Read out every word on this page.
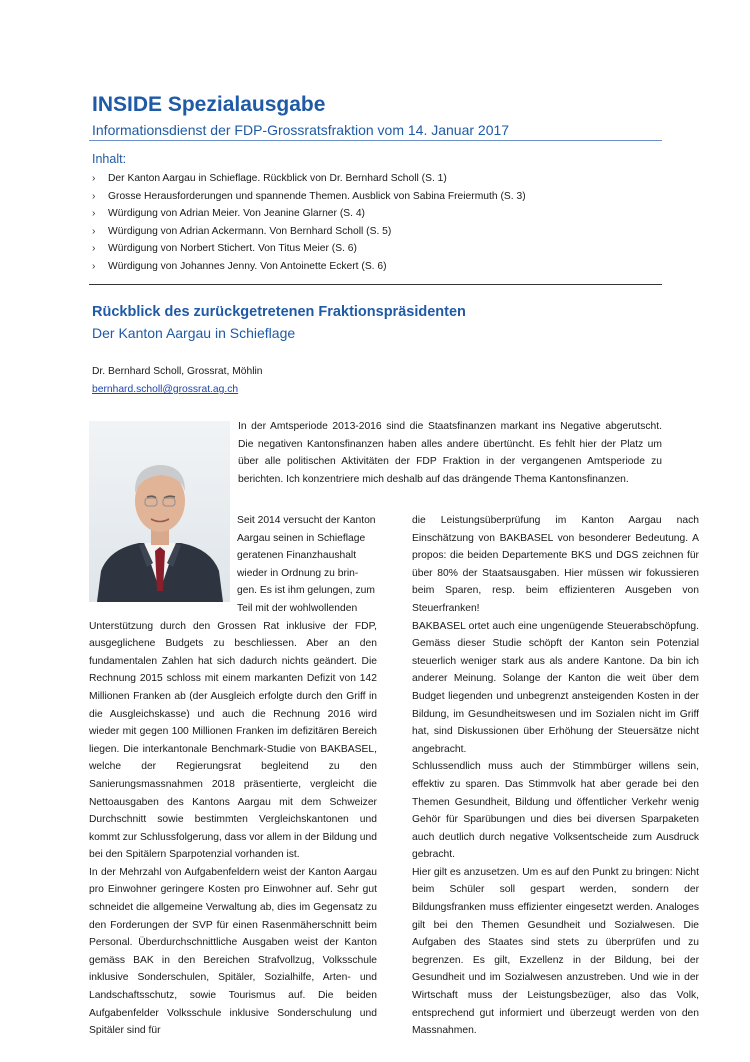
INSIDE Spezialausgabe
Informationsdienst der FDP-Grossratsfraktion vom 14. Januar 2017
Inhalt:
› Der Kanton Aargau in Schieflage. Rückblick von Dr. Bernhard Scholl (S. 1)
› Grosse Herausforderungen und spannende Themen. Ausblick von Sabina Freiermuth (S. 3)
› Würdigung von Adrian Meier. Von Jeanine Glarner (S. 4)
› Würdigung von Adrian Ackermann. Von Bernhard Scholl (S. 5)
› Würdigung von Norbert Stichert. Von Titus Meier (S. 6)
› Würdigung von Johannes Jenny. Von Antoinette Eckert (S. 6)
Rückblick des zurückgetretenen Fraktionspräsidenten
Der Kanton Aargau in Schieflage
Dr. Bernhard Scholl, Grossrat, Möhlin
bernhard.scholl@grossrat.ag.ch

In der Amtsperiode 2013-2016 sind die Staatsfinanzen markant ins Negative abgerutscht. Die negativen Kantonsfinanzen haben alles andere übertüncht. Es fehlt hier der Platz um über alle politischen Aktivitäten der FDP Fraktion in der vergangenen Amtsperiode zu berichten. Ich konzentriere mich deshalb auf das drängende Thema Kantonsfinanzen.

Seit 2014 versucht der Kanton
Aargau seinen in Schieflage
geratenen Finanzhaushalt
wieder in Ordnung zu brin-
gen. Es ist ihm gelungen, zum
Teil mit der wohlwollenden

Unterstützung durch den Grossen Rat inklusive der FDP, ausgeglichene Budgets zu beschliessen. Aber an den fundamentalen Zahlen hat sich dadurch nichts geändert. Die Rechnung 2015 schloss mit einem markanten Defizit von 142 Millionen Franken ab (der Ausgleich erfolgte durch den Griff in die Ausgleichskasse) und auch die Rechnung 2016 wird wieder mit gegen 100 Millionen Franken im defizitären Bereich liegen. Die interkantonale Benchmark-Studie von BAKBASEL, welche der Regierungsrat begleitend zu den Sanierungsmassnahmen 2018 präsentierte, vergleicht die Nettoausgaben des Kantons Aargau mit dem Schweizer Durchschnitt sowie bestimmten Vergleichskantonen und kommt zur Schlussfolgerung, dass vor allem in der Bildung und bei den Spitälern Sparpotenzial vorhanden ist.

In der Mehrzahl von Aufgabenfeldern weist der Kanton Aargau pro Einwohner geringere Kosten pro Einwohner auf. Sehr gut schneidet die allgemeine Verwaltung ab, dies im Gegensatz zu den Forderungen der SVP für einen Rasenmäherschnitt beim Personal. Überdurchschnittliche Ausgaben weist der Kanton gemäss BAK in den Bereichen Strafvollzug, Volksschule inklusive Sonderschulen, Spitäler, Sozialhilfe, Arten- und Landschaftsschutz, sowie Tourismus auf. Die beiden Aufgabenfelder Volksschule inklusive Sonderschulung und Spitäler sind für

die Leistungsüberprüfung im Kanton Aargau nach Einschätzung von BAKBASEL von besonderer Bedeutung. A propos: die beiden Departemente BKS und DGS zeichnen für über 80% der Staatsausgaben. Hier müssen wir fokussieren beim Sparen, resp. beim effizienteren Ausgeben von Steuerfranken!

BAKBASEL ortet auch eine ungenügende Steuerabschöpfung. Gemäss dieser Studie schöpft der Kanton sein Potenzial steuerlich weniger stark aus als andere Kantone. Da bin ich anderer Meinung. Solange der Kanton die weit über dem Budget liegenden und unbegrenzt ansteigenden Kosten in der Bildung, im Gesundheitswesen und im Sozialen nicht im Griff hat, sind Diskussionen über Erhöhung der Steuersätze nicht angebracht.

Schlussendlich muss auch der Stimmbürger willens sein, effektiv zu sparen. Das Stimmvolk hat aber gerade bei den Themen Gesundheit, Bildung und öffentlicher Verkehr wenig Gehör für Sparübungen und dies bei diversen Sparpaketen auch deutlich durch negative Volksentscheide zum Ausdruck gebracht.

Hier gilt es anzusetzen. Um es auf den Punkt zu bringen: Nicht beim Schüler soll gespart werden, sondern der Bildungsfranken muss effizienter eingesetzt werden. Analoges gilt bei den Themen Gesundheit und Sozialwesen. Die Aufgaben des Staates sind stets zu überprüfen und zu begrenzen. Es gilt, Exzellenz in der Bildung, bei der Gesundheit und im Sozialwesen anzustreben. Und wie in der Wirtschaft muss der Leistungsbezüger, also das Volk, entsprechend gut informiert und überzeugt werden von den Massnahmen.
